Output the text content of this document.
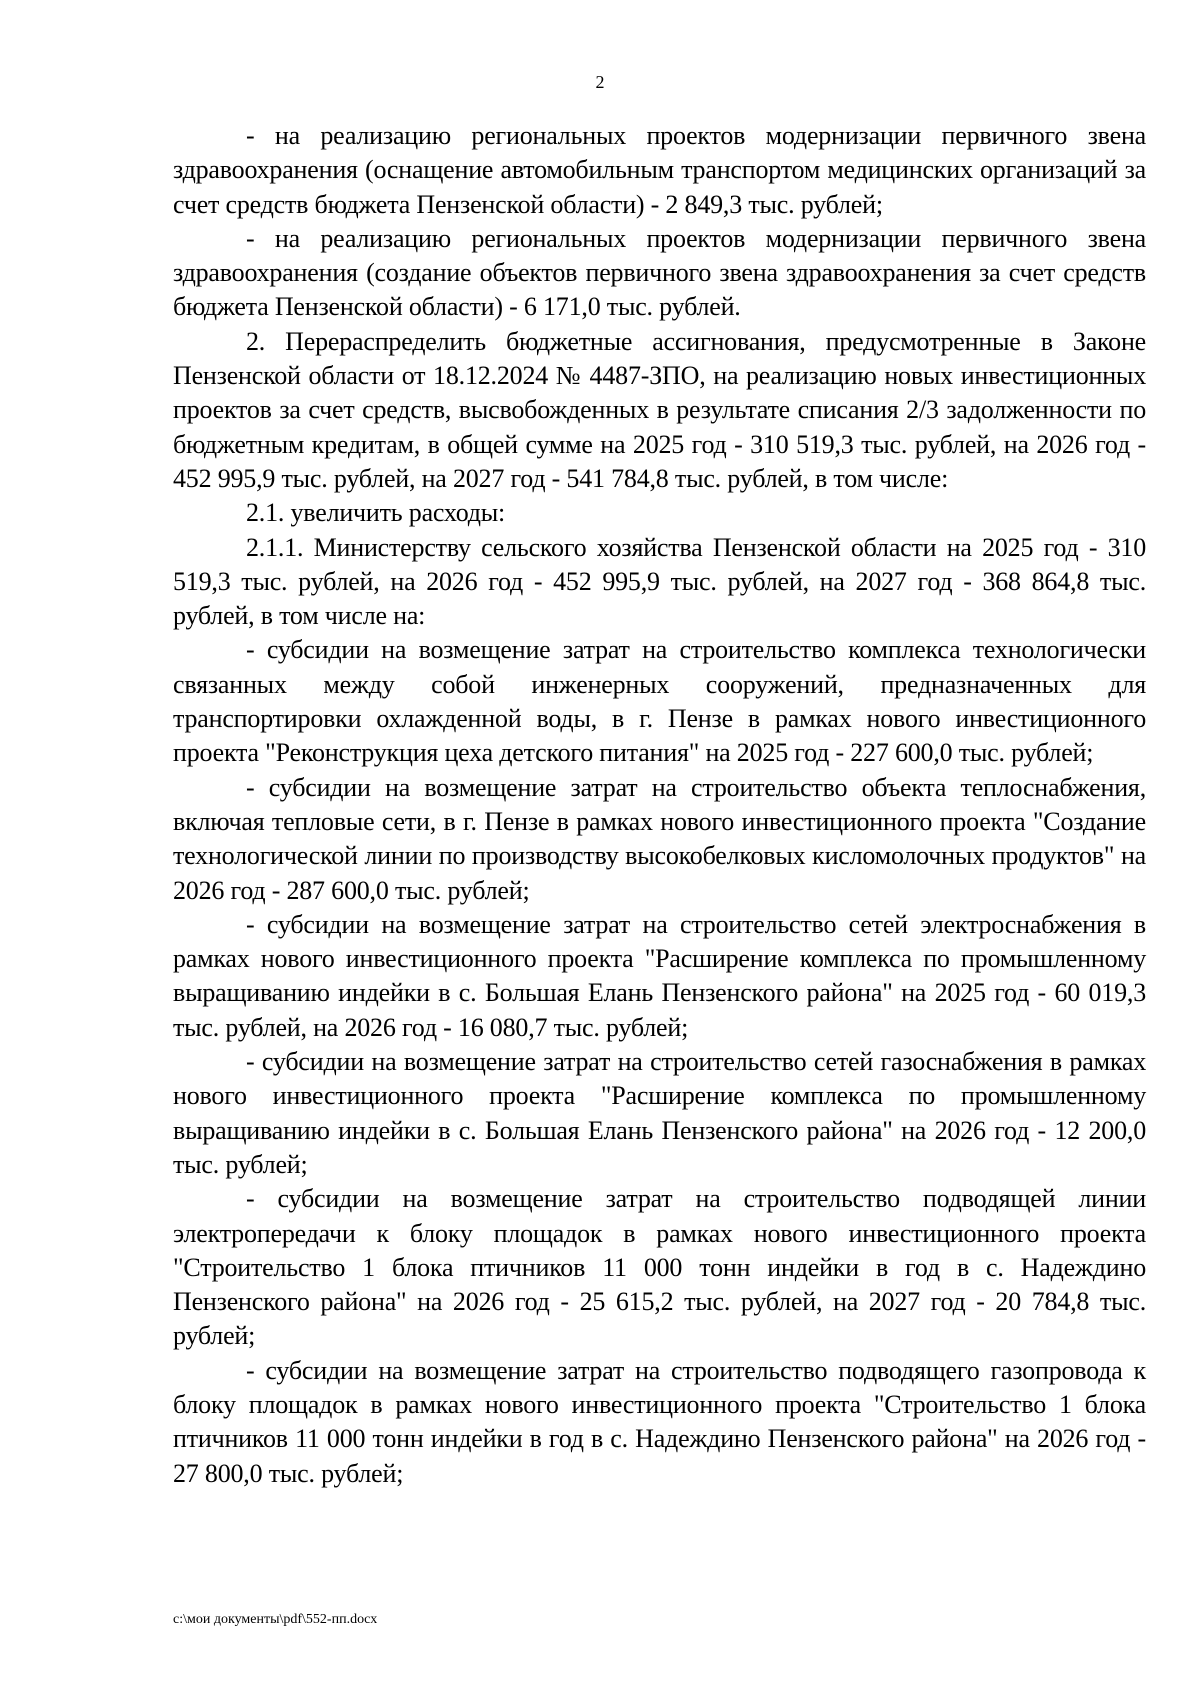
2

- на реализацию региональных проектов модернизации первичного звена здравоохранения (оснащение автомобильным транспортом медицинских организаций за счет средств бюджета Пензенской области) - 2 849,3 тыс. рублей;

- на реализацию региональных проектов модернизации первичного звена здравоохранения (создание объектов первичного звена здравоохранения за счет средств бюджета Пензенской области) - 6 171,0 тыс. рублей.

2. Перераспределить бюджетные ассигнования, предусмотренные в Законе Пензенской области от 18.12.2024 № 4487-ЗПО, на реализацию новых инвестиционных проектов за счет средств, высвобожденных в результате списания 2/3 задолженности по бюджетным кредитам, в общей сумме на 2025 год - 310 519,3 тыс. рублей, на 2026 год - 452 995,9 тыс. рублей, на 2027 год - 541 784,8 тыс. рублей, в том числе:

2.1. увеличить расходы:

2.1.1. Министерству сельского хозяйства Пензенской области на 2025 год - 310 519,3 тыс. рублей, на 2026 год - 452 995,9 тыс. рублей, на 2027 год - 368 864,8 тыс. рублей, в том числе на:

- субсидии на возмещение затрат на строительство комплекса технологически связанных между собой инженерных сооружений, предназначенных для транспортировки охлажденной воды, в г. Пензе в рамках нового инвестиционного проекта "Реконструкция цеха детского питания" на 2025 год - 227 600,0 тыс. рублей;

- субсидии на возмещение затрат на строительство объекта теплоснабжения, включая тепловые сети, в г. Пензе в рамках нового инвестиционного проекта "Создание технологической линии по производству высокобелковых кисломолочных продуктов" на 2026 год - 287 600,0 тыс. рублей;

- субсидии на возмещение затрат на строительство сетей электроснабжения в рамках нового инвестиционного проекта "Расширение комплекса по промышленному выращиванию индейки в с. Большая Елань Пензенского района" на 2025 год - 60 019,3 тыс. рублей, на 2026 год - 16 080,7 тыс. рублей;

- субсидии на возмещение затрат на строительство сетей газоснабжения в рамках нового инвестиционного проекта "Расширение комплекса по промышленному выращиванию индейки в с. Большая Елань Пензенского района" на 2026 год - 12 200,0 тыс. рублей;

- субсидии на возмещение затрат на строительство подводящей линии электропередачи к блоку площадок в рамках нового инвестиционного проекта "Строительство 1 блока птичников 11 000 тонн индейки в год в с. Надеждино Пензенского района" на 2026 год - 25 615,2 тыс. рублей, на 2027 год - 20 784,8 тыс. рублей;

- субсидии на возмещение затрат на строительство подводящего газопровода к блоку площадок в рамках нового инвестиционного проекта "Строительство 1 блока птичников 11 000 тонн индейки в год в с. Надеждино Пензенского района" на 2026 год - 27 800,0 тыс. рублей;

c:\мои документы\pdf\552-пп.docx
